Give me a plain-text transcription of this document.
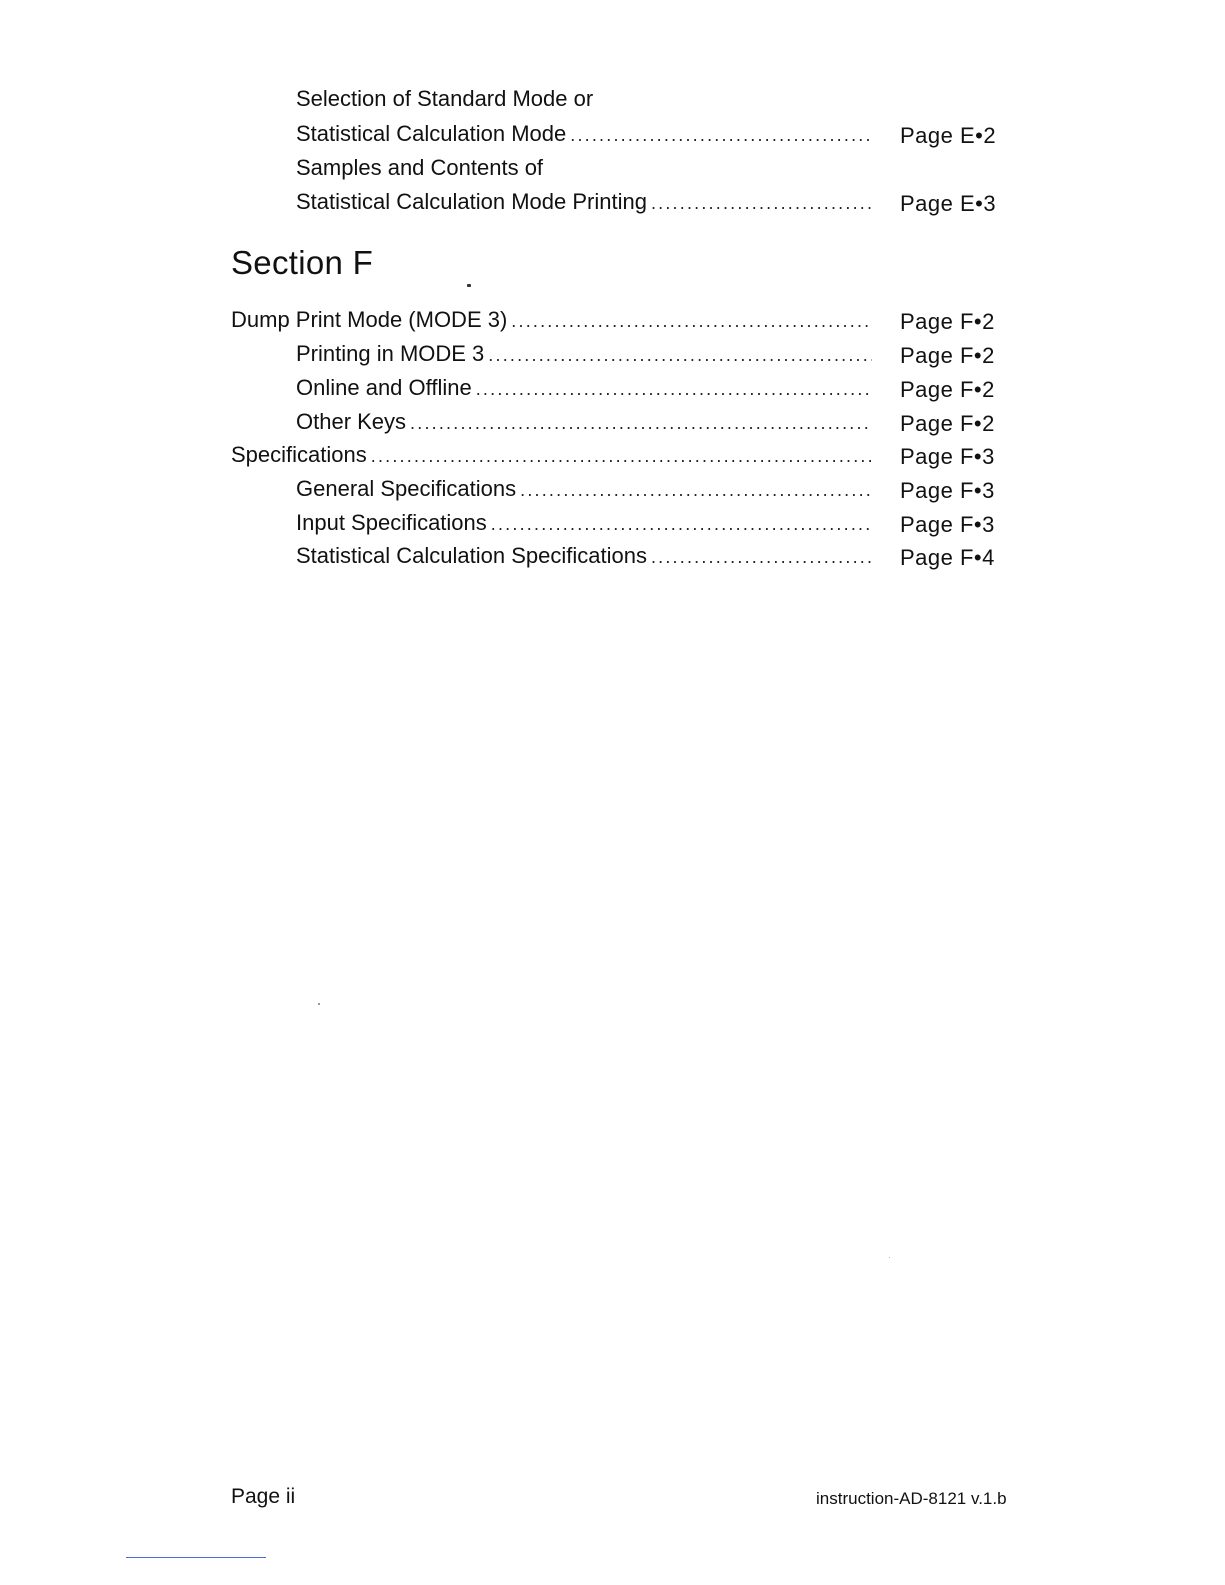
Selection of Standard Mode or
Statistical Calculation Mode .....	Page E•2
Samples and Contents of
Statistical Calculation Mode Printing .....	Page E•3
Section F
Dump Print Mode (MODE 3) .....	Page F•2
Printing in MODE 3 .....	Page F•2
Online and Offline .....	Page F•2
Other Keys .....	Page F•2
Specifications .....	Page F•3
General Specifications .....	Page F•3
Input Specifications .....	Page F•3
Statistical Calculation Specifications .....	Page F•4
Page ii	instruction-AD-8121 v.1.b
